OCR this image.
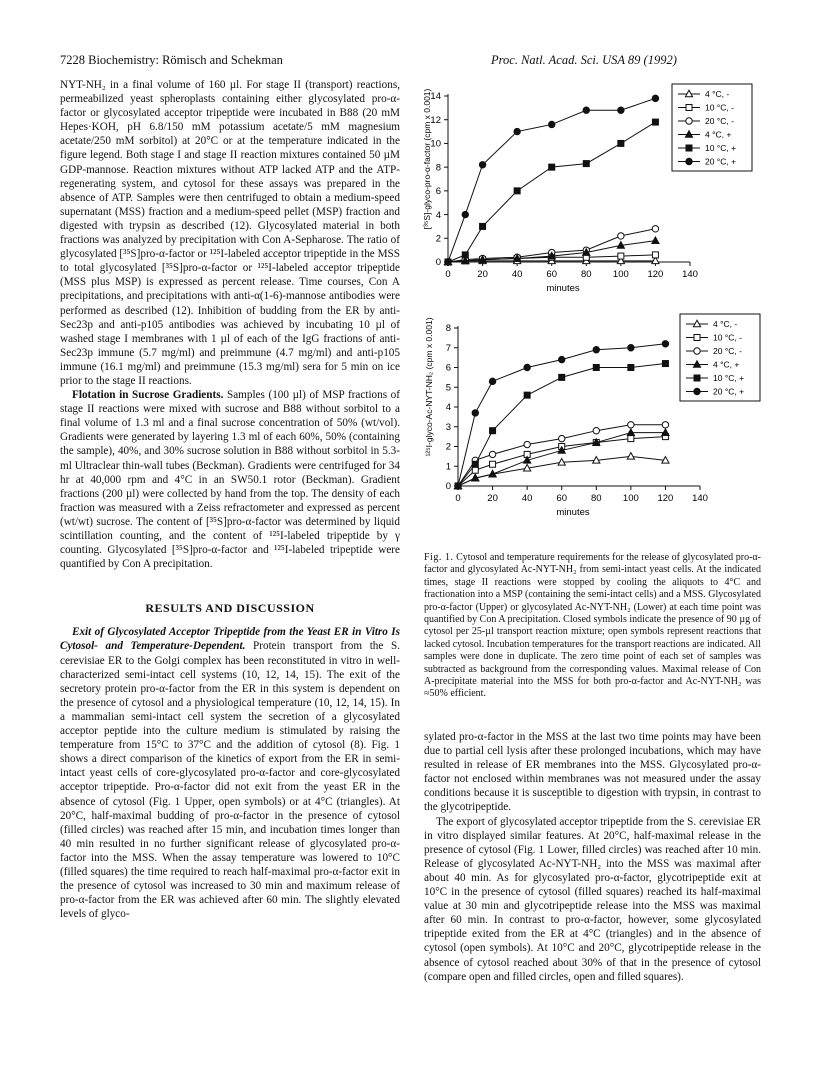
7228 Biochemistry: Römisch and Schekman	Proc. Natl. Acad. Sci. USA 89 (1992)

NYT-NH₂ in a final volume of 160 µl. For stage II (transport) reactions, permeabilized yeast spheroplasts containing either glycosylated pro-α-factor or glycosylated acceptor tripeptide were incubated in B88 (20 mM Hepes·KOH, pH 6.8/150 mM potassium acetate/5 mM magnesium acetate/250 mM sorbitol) at 20°C or at the temperature indicated in the figure legend. Both stage I and stage II reaction mixtures contained 50 µM GDP-mannose. Reaction mixtures without ATP lacked ATP and the ATP-regenerating system, and cytosol for these assays was prepared in the absence of ATP. Samples were then centrifuged to obtain a medium-speed supernatant (MSS) fraction and a medium-speed pellet (MSP) fraction and digested with trypsin as described (12). Glycosylated material in both fractions was analyzed by precipitation with Con A-Sepharose. The ratio of glycosylated [³⁵S]pro-α-factor or ¹²⁵I-labeled acceptor tripeptide in the MSS to total glycosylated [³⁵S]pro-α-factor or ¹²⁵I-labeled acceptor tripeptide (MSS plus MSP) is expressed as percent release. Time courses, Con A precipitations, and precipitations with anti-α(1-6)-mannose antibodies were performed as described (12). Inhibition of budding from the ER by anti-Sec23p and anti-p105 antibodies was achieved by incubating 10 µl of washed stage I membranes with 1 µl of each of the IgG fractions of anti-Sec23p immune (5.7 mg/ml) and preimmune (4.7 mg/ml) and anti-p105 immune (16.1 mg/ml) and preimmune (15.3 mg/ml) sera for 5 min on ice prior to the stage II reactions.

Flotation in Sucrose Gradients. Samples (100 µl) of MSP fractions of stage II reactions were mixed with sucrose and B88 without sorbitol to a final volume of 1.3 ml and a final sucrose concentration of 50% (wt/vol). Gradients were generated by layering 1.3 ml of each 60%, 50% (containing the sample), 40%, and 30% sucrose solution in B88 without sorbitol in 5.3-ml Ultraclear thin-wall tubes (Beckman). Gradients were centrifuged for 34 hr at 40,000 rpm and 4°C in an SW50.1 rotor (Beckman). Gradient fractions (200 µl) were collected by hand from the top. The density of each fraction was measured with a Zeiss refractometer and expressed as percent (wt/wt) sucrose. The content of [³⁵S]pro-α-factor was determined by liquid scintillation counting, and the content of ¹²⁵I-labeled tripeptide by γ counting. Glycosylated [³⁵S]pro-α-factor and ¹²⁵I-labeled tripeptide were quantified by Con A precipitation.

RESULTS AND DISCUSSION

Exit of Glycosylated Acceptor Tripeptide from the Yeast ER in Vitro Is Cytosol- and Temperature-Dependent. Protein transport from the S. cerevisiae ER to the Golgi complex has been reconstituted in vitro in well-characterized semi-intact cell systems (10, 12, 14, 15). The exit of the secretory protein pro-α-factor from the ER in this system is dependent on the presence of cytosol and a physiological temperature (10, 12, 14, 15). In a mammalian semi-intact cell system the secretion of a glycosylated acceptor peptide into the culture medium is stimulated by raising the temperature from 15°C to 37°C and the addition of cytosol (8). Fig. 1 shows a direct comparison of the kinetics of export from the ER in semi-intact yeast cells of core-glycosylated pro-α-factor and core-glycosylated acceptor tripeptide. Pro-α-factor did not exit from the yeast ER in the absence of cytosol (Fig. 1 Upper, open symbols) or at 4°C (triangles). At 20°C, half-maximal budding of pro-α-factor in the presence of cytosol (filled circles) was reached after 15 min, and incubation times longer than 40 min resulted in no further significant release of glycosylated pro-α-factor into the MSS. When the assay temperature was lowered to 10°C (filled squares) the time required to reach half-maximal pro-α-factor exit in the presence of cytosol was increased to 30 min and maximum release of pro-α-factor from the ER was achieved after 60 min. The slightly elevated levels of glyco-

0	20	40	60	80 100 120 140
0
2
4
6
8
10
12
14
minutes
[³⁵S]-glyco-pro-α-factor (cpm x 0.001)	4 °C, -
10 °C, -
20 °C, -
4 °C, +
10 °C, +
20 °C, +
0	20	40	60	80 100 120 140
0
1
2
3
4
5
6
7
8
minutes
¹²⁵I-glyco-Ac-NYT-NH₂ (cpm x 0.001)	4 °C, -
10 °C, -
20 °C, -
4 °C, +
10 °C, +
20 °C, +
Fig. 1. Cytosol and temperature requirements for the release of glycosylated pro-α-factor and glycosylated Ac-NYT-NH₂ from semi-intact yeast cells. At the indicated times, stage II reactions were stopped by cooling the aliquots to 4°C and fractionation into a MSP (containing the semi-intact cells) and a MSS. Glycosylated pro-α-factor (Upper) or glycosylated Ac-NYT-NH₂ (Lower) at each time point was quantified by Con A precipitation. Closed symbols indicate the presence of 90 µg of cytosol per 25-µl transport reaction mixture; open symbols represent reactions that lacked cytosol. Incubation temperatures for the transport reactions are indicated. All samples were done in duplicate. The zero time point of each set of samples was subtracted as background from the corresponding values. Maximal release of Con A-precipitate material into the MSS for both pro-α-factor and Ac-NYT-NH₂ was ≈50% efficient.

sylated pro-α-factor in the MSS at the last two time points may have been due to partial cell lysis after these prolonged incubations, which may have resulted in release of ER membranes into the MSS. Glycosylated pro-α-factor not enclosed within membranes was not measured under the assay conditions because it is susceptible to digestion with trypsin, in contrast to the glycotripeptide.

The export of glycosylated acceptor tripeptide from the S. cerevisiae ER in vitro displayed similar features. At 20°C, half-maximal release in the presence of cytosol (Fig. 1 Lower, filled circles) was reached after 10 min. Release of glycosylated Ac-NYT-NH₂ into the MSS was maximal after about 40 min. As for glycosylated pro-α-factor, glycotripeptide exit at 10°C in the presence of cytosol (filled squares) reached its half-maximal value at 30 min and glycotripeptide release into the MSS was maximal after 60 min. In contrast to pro-α-factor, however, some glycosylated tripeptide exited from the ER at 4°C (triangles) and in the absence of cytosol (open symbols). At 10°C and 20°C, glycotripeptide release in the absence of cytosol reached about 30% of that in the presence of cytosol (compare open and filled circles, open and filled squares).
